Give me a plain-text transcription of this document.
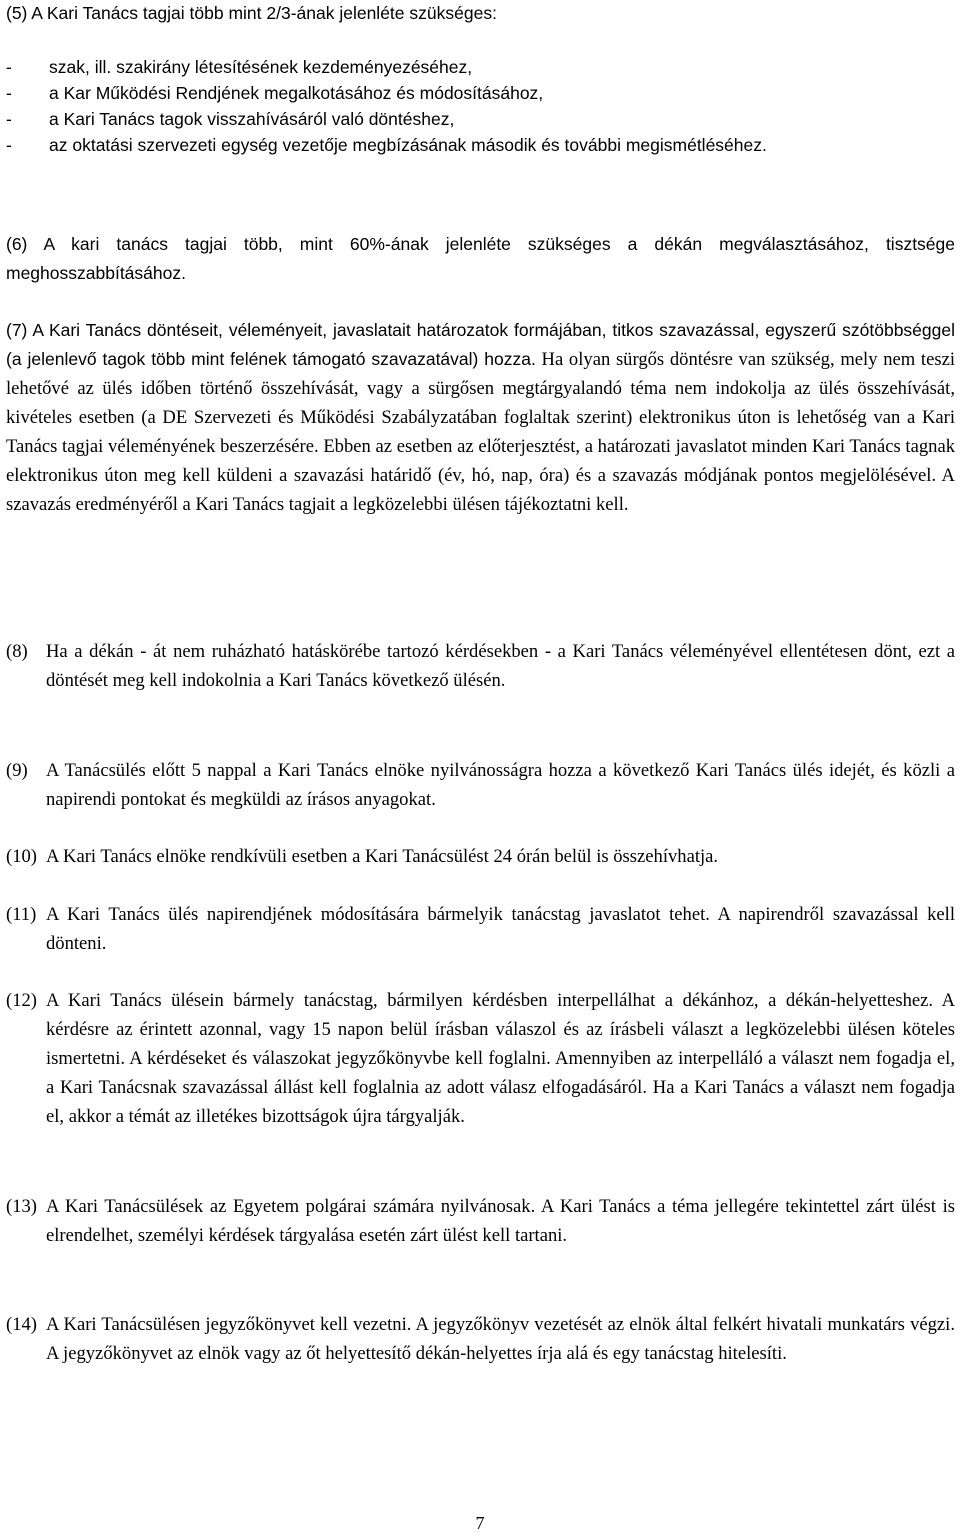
(5) A Kari Tanács tagjai több mint 2/3-ának jelenléte szükséges:

- szak, ill. szakirány létesítésének kezdeményezéséhez,
- a Kar Működési Rendjének megalkotásához és módosításához,
- a Kari Tanács tagok visszahívásáról való döntéshez,
- az oktatási szervezeti egység vezetője megbízásának második és további megismétléséhez.

(6) A kari tanács tagjai több, mint 60%-ának jelenléte szükséges a dékán megválasztásához, tisztsége meghosszabbításához.

(7) A Kari Tanács döntéseit, véleményeit, javaslatait határozatok formájában, titkos szavazással, egyszerű szótöbbséggel (a jelenlevő tagok több mint felének támogató szavazatával) hozza. Ha olyan sürgős döntésre van szükség, mely nem teszi lehetővé az ülés időben történő összehívását, vagy a sürgősen megtárgyalandó téma nem indokolja az ülés összehívását, kivételes esetben (a DE Szervezeti és Működési Szabályzatában foglaltak szerint) elektronikus úton is lehetőség van a Kari Tanács tagjai véleményének beszerzésére. Ebben az esetben az előterjesztést, a határozati javaslatot minden Kari Tanács tagnak elektronikus úton meg kell küldeni a szavazási határidő (év, hó, nap, óra) és a szavazás módjának pontos megjelölésével. A szavazás eredményéről a Kari Tanács tagjait a legközelebbi ülésen tájékoztatni kell.

(8) Ha a dékán - át nem ruházható hatáskörébe tartozó kérdésekben - a Kari Tanács véleményével ellentétesen dönt, ezt a döntését meg kell indokolnia a Kari Tanács következő ülésén.
(9) A Tanácsülés előtt 5 nappal a Kari Tanács elnöke nyilvánosságra hozza a következő Kari Tanács ülés idejét, és közli a napirendi pontokat és megküldi az írásos anyagokat.
(10) A Kari Tanács elnöke rendkívüli esetben a Kari Tanácsülést 24 órán belül is összehívhatja.
(11) A Kari Tanács ülés napirendjének módosítására bármelyik tanácstag javaslatot tehet. A napirendről szavazással kell dönteni.
(12) A Kari Tanács ülésein bármely tanácstag, bármilyen kérdésben interpellálhat a dékánhoz, a dékán-helyetteshez. A kérdésre az érintett azonnal, vagy 15 napon belül írásban válaszol és az írásbeli választ a legközelebbi ülésen köteles ismertetni. A kérdéseket és válaszokat jegyzőkönyvbe kell foglalni. Amennyiben az interpelláló a választ nem fogadja el, a Kari Tanácsnak szavazással állást kell foglalnia az adott válasz elfogadásáról. Ha a Kari Tanács a választ nem fogadja el, akkor a témát az illetékes bizottságok újra tárgyalják.
(13) A Kari Tanácsülések az Egyetem polgárai számára nyilvánosak. A Kari Tanács a téma jellegére tekintettel zárt ülést is elrendelhet, személyi kérdések tárgyalása esetén zárt ülést kell tartani.
(14) A Kari Tanácsülésen jegyzőkönyvet kell vezetni. A jegyzőkönyv vezetését az elnök által felkért hivatali munkatárs végzi. A jegyzőkönyvet az elnök vagy az őt helyettesítő dékán-helyettes írja alá és egy tanácstag hitelesíti.

7
